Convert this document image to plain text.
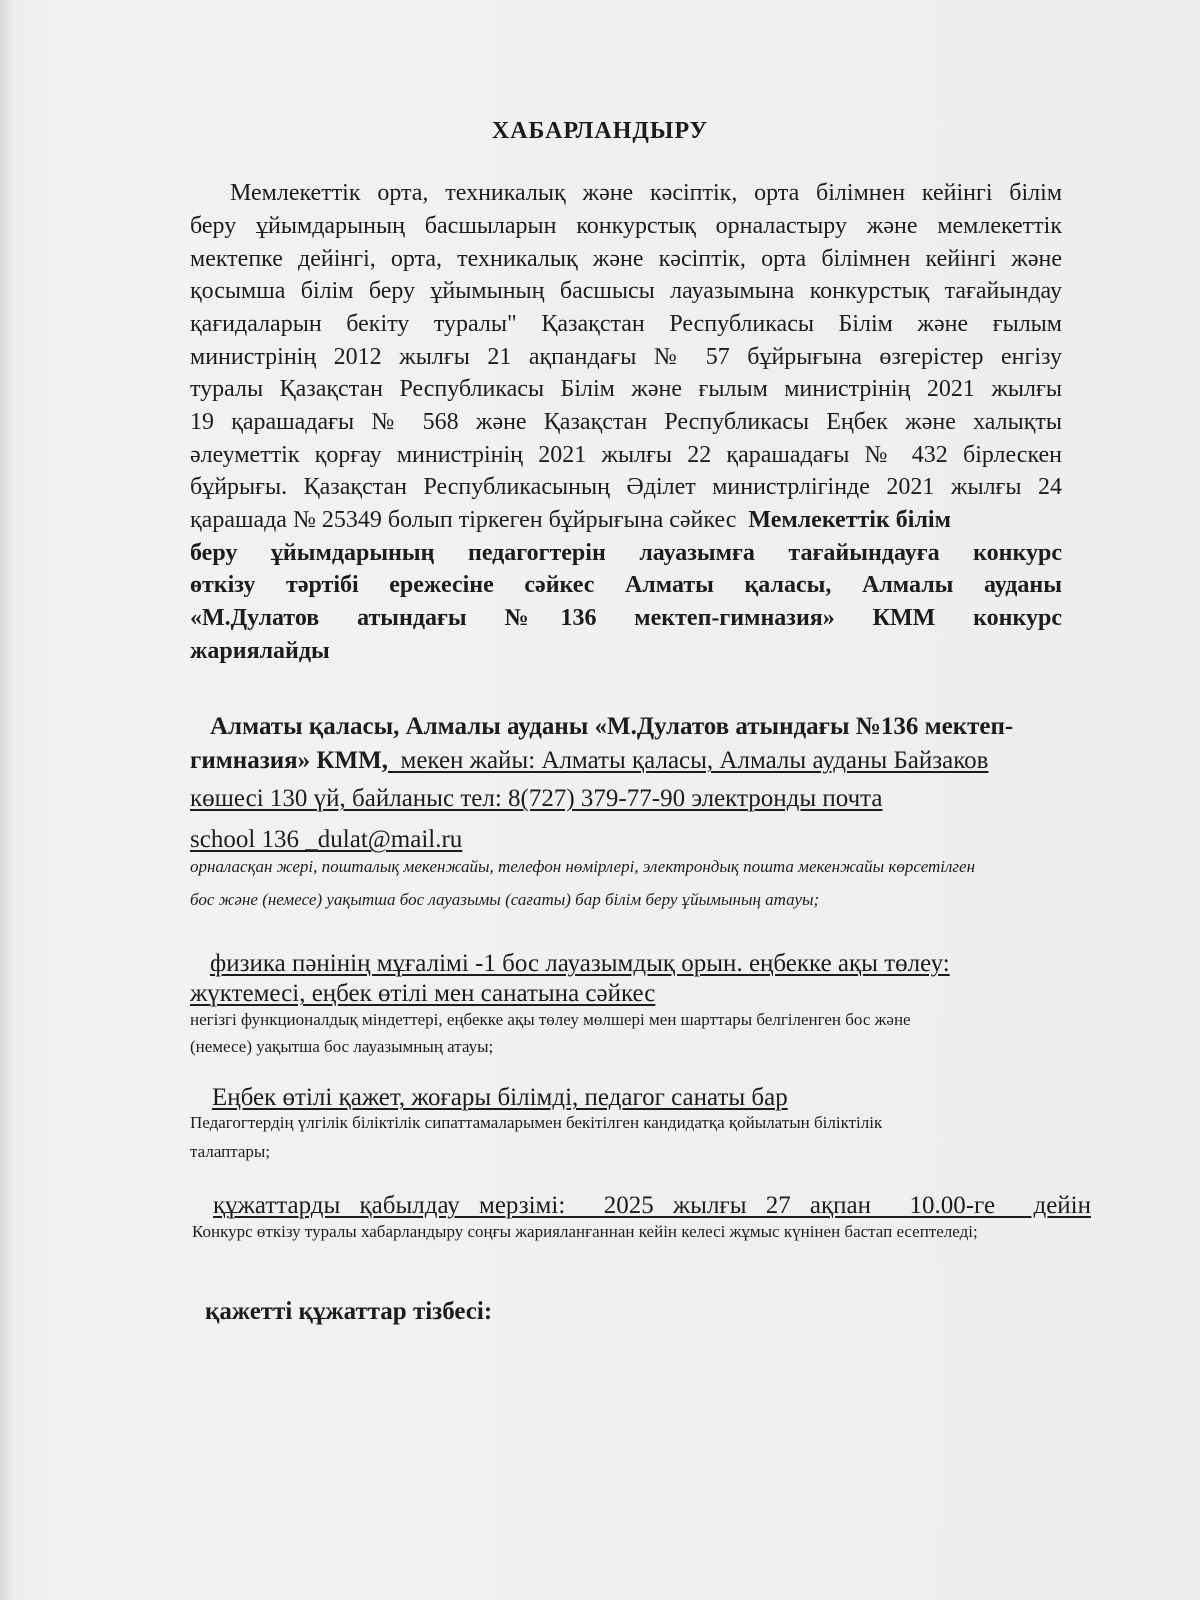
ХАБАРЛАНДЫРУ
Мемлекеттік орта, техникалық және кәсіптік, орта білімнен кейінгі білім
беру ұйымдарының басшыларын конкурстық орналастыру және мемлекеттік
мектепке дейінгі, орта, техникалық және кәсіптік, орта білімнен кейінгі және
қосымша білім беру ұйымының басшысы лауазымына конкурстық тағайындау
қағидаларын бекіту туралы" Қазақстан Республикасы Білім және ғылым
министрінің 2012 жылғы 21 ақпандағы № 57 бұйрығына өзгерістер енгізу
туралы Қазақстан Республикасы Білім және ғылым министрінің 2021 жылғы
19 қарашадағы № 568 және Қазақстан Республикасы Еңбек және халықты
әлеуметтік қорғау министрінің 2021 жылғы 22 қарашадағы № 432 бірлескен
бұйрығы. Қазақстан Республикасының Әділет министрлігінде 2021 жылғы 24
қарашада № 25349 болып тіркеген бұйрығына сәйкес Мемлекеттік білім
беру ұйымдарының педагогтерін лауазымға тағайындауға конкурс
өткізу тәртібі ережесіне сәйкес Алматы қаласы, Алмалы ауданы
«М.Дулатов атындағы №136 мектеп-гимназия» КММ конкурс
жариялайды
Алматы қаласы, Алмалы ауданы «М.Дулатов атындағы №136 мектеп-
гимназия» КММ,  мекен жайы: Алматы қаласы, Алмалы ауданы Байзаков
көшесі 130 үй, байланыс тел: 8(727) 379-77-90 электронды почта
school 136 _dulat@mail.ru
орналасқан жері, пошталық мекенжайы, телефон нөмірлері, электрондық пошта мекенжайы көрсетілген
бос және (немесе) уақытша бос лауазымы (сағаты) бар білім беру ұйымының атауы;
физика пәнінің мұғалімі -1 бос лауазымдық орын. еңбекке ақы төлеу:
жүктемесі, еңбек өтілі мен санатына сәйкес
негізгі функционалдық міндеттері, еңбекке ақы төлеу мөлшері мен шарттары белгіленген бос және
(немесе) уақытша бос лауазымның атауы;
Еңбек өтілі қажет, жоғары білімді, педагог санаты бар
Педагогтердің үлгілік біліктілік сипаттамаларымен бекітілген кандидатқа қойылатын біліктілік
талаптары;
құжаттарды қабылдау мерзімі:  2025 жылғы 27 ақпан  10.00-ге  дейін
Конкурс өткізу туралы хабарландыру соңғы жарияланғаннан кейін келесі жұмыс күнінен бастап есептеледі;
қажетті құжаттар тізбесі:
